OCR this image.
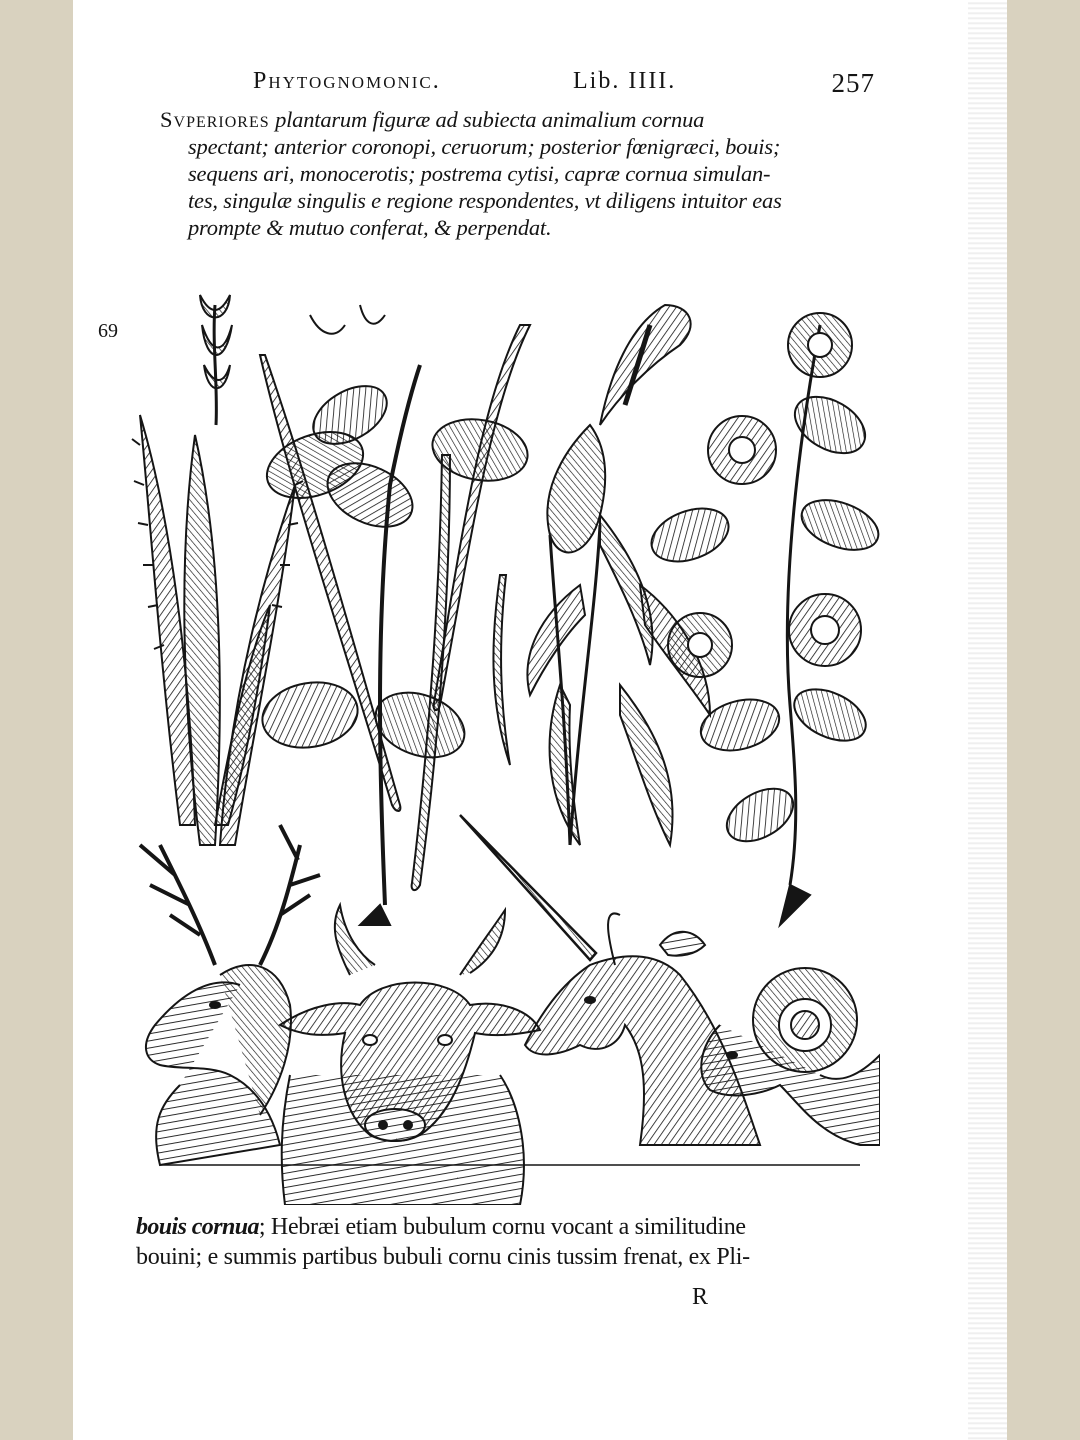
Phytognomonic.	Lib. IIII.	257
Svperiores plantarum figuræ ad subiecta animalium cornua
spectant; anterior coronopi, ceruorum; posterior fœnigræci, bouis;
sequens ari, monocerotis; postrema cytisi, capræ cornua simulan-
tes, singulæ singulis e regione respondentes, vt diligens intuitor eas
prompte & mutuo conferat, & perpendat.
69
bouis cornua; Hebræi etiam bubulum cornu vocant a similitudine
bouini; e summis partibus bubuli cornu cinis tussim frenat, ex Pli-
R
